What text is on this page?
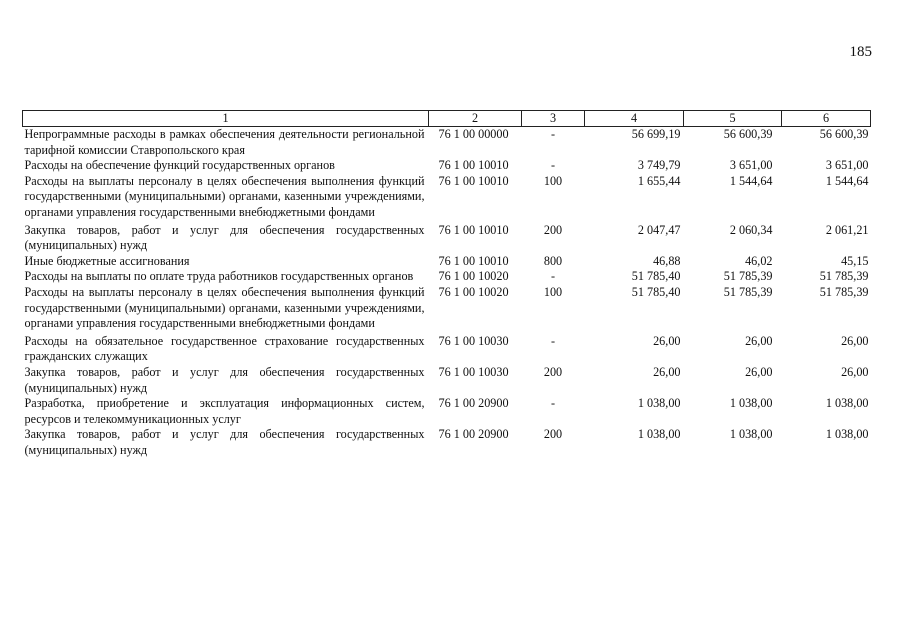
185
1	2	3	4	5	6
Непрограммные расходы в рамках обеспечения деятельности региональной тарифной комиссии Ставропольского края	76 1 00 00000	-	56 699,19	56 600,39	56 600,39
Расходы на обеспечение функций государственных органов	76 1 00 10010	-	3 749,79	3 651,00	3 651,00
Расходы на выплаты персоналу в целях обеспечения выполнения функций государственными (муниципальными) органами, казенными учреждениями, органами управления государственными внебюджетными фондами	76 1 00 10010	100	1 655,44	1 544,64	1 544,64
Закупка товаров, работ и услуг для обеспечения государственных (муниципальных) нужд	76 1 00 10010	200	2 047,47	2 060,34	2 061,21
Иные бюджетные ассигнования	76 1 00 10010	800	46,88	46,02	45,15
Расходы на выплаты по оплате труда работников государственных органов	76 1 00 10020	-	51 785,40	51 785,39	51 785,39
Расходы на выплаты персоналу в целях обеспечения выполнения функций государственными (муниципальными) органами, казенными учреждениями, органами управления государственными внебюджетными фондами	76 1 00 10020	100	51 785,40	51 785,39	51 785,39
Расходы на обязательное государственное страхование государственных гражданских служащих	76 1 00 10030	-	26,00	26,00	26,00
Закупка товаров, работ и услуг для обеспечения государственных (муниципальных) нужд	76 1 00 10030	200	26,00	26,00	26,00
Разработка, приобретение и эксплуатация информационных систем, ресурсов и телекоммуникационных услуг	76 1 00 20900	-	1 038,00	1 038,00	1 038,00
Закупка товаров, работ и услуг для обеспечения государственных (муниципальных) нужд	76 1 00 20900	200	1 038,00	1 038,00	1 038,00
